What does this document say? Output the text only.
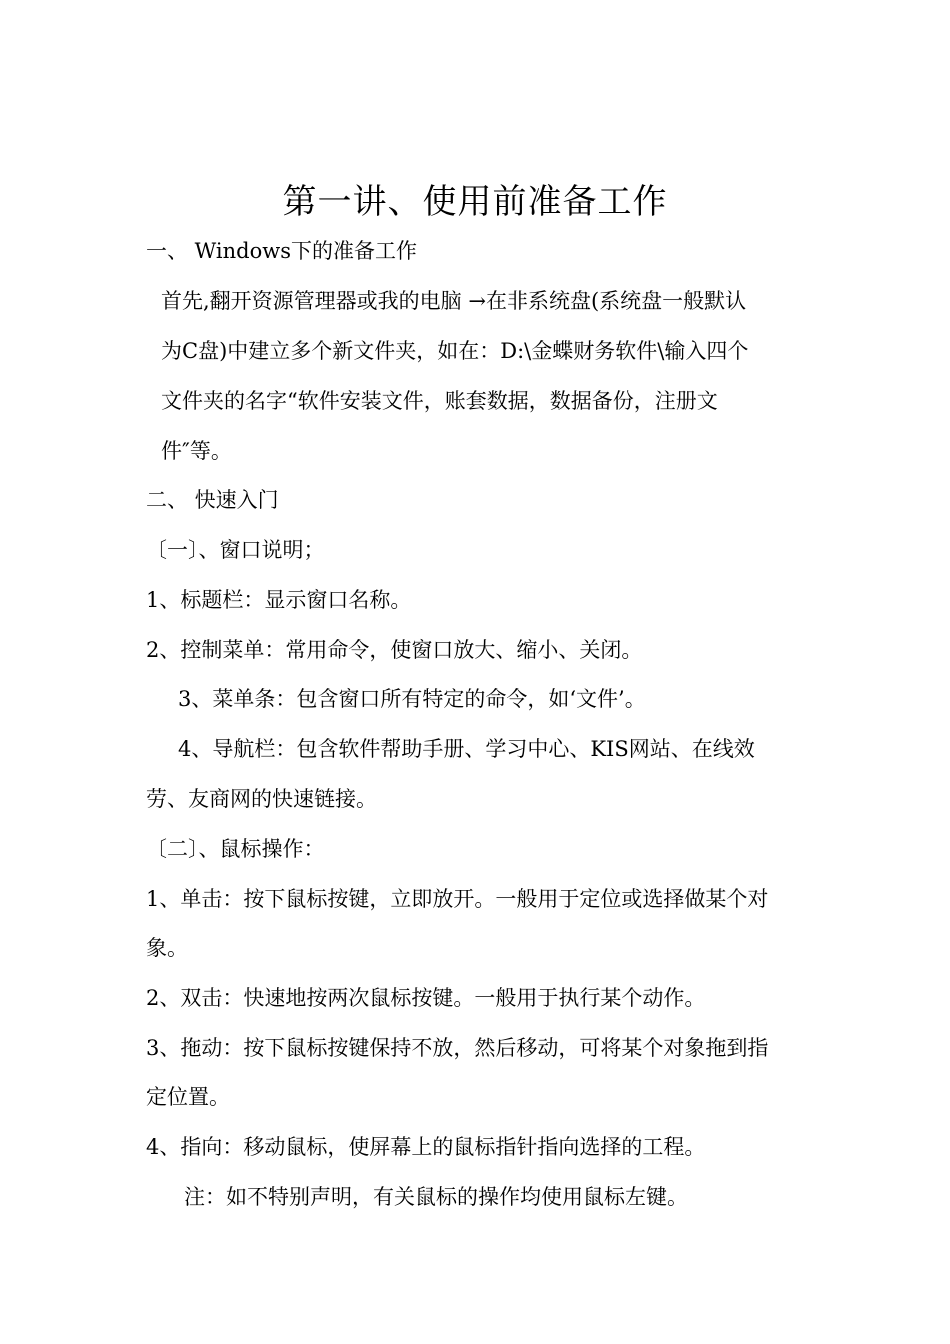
第一讲、使用前准备工作
一、 Windows下的准备工作
首先,翻开资源管理器或我的电脑 →在非系统盘(系统盘一般默认
为C盘)中建立多个新文件夹，如在：D:\金蝶财务软件\输入四个
文件夹的名字“软件安装文件，账套数据，数据备份，注册文
件″等。
二、 快速入门
〔一〕、窗口说明；
1、标题栏：显示窗口名称。
2、控制菜单：常用命令，使窗口放大、缩小、关闭。
3、菜单条：包含窗口所有特定的命令，如‘文件’。
4、导航栏：包含软件帮助手册、学习中心、KIS网站、在线效
劳、友商网的快速链接。
〔二〕、鼠标操作：
1、单击：按下鼠标按键，立即放开。一般用于定位或选择做某个对
象。
2、双击：快速地按两次鼠标按键。一般用于执行某个动作。
3、拖动：按下鼠标按键保持不放，然后移动，可将某个对象拖到指
定位置。
4、指向：移动鼠标，使屏幕上的鼠标指针指向选择的工程。
注：如不特别声明，有关鼠标的操作均使用鼠标左键。
